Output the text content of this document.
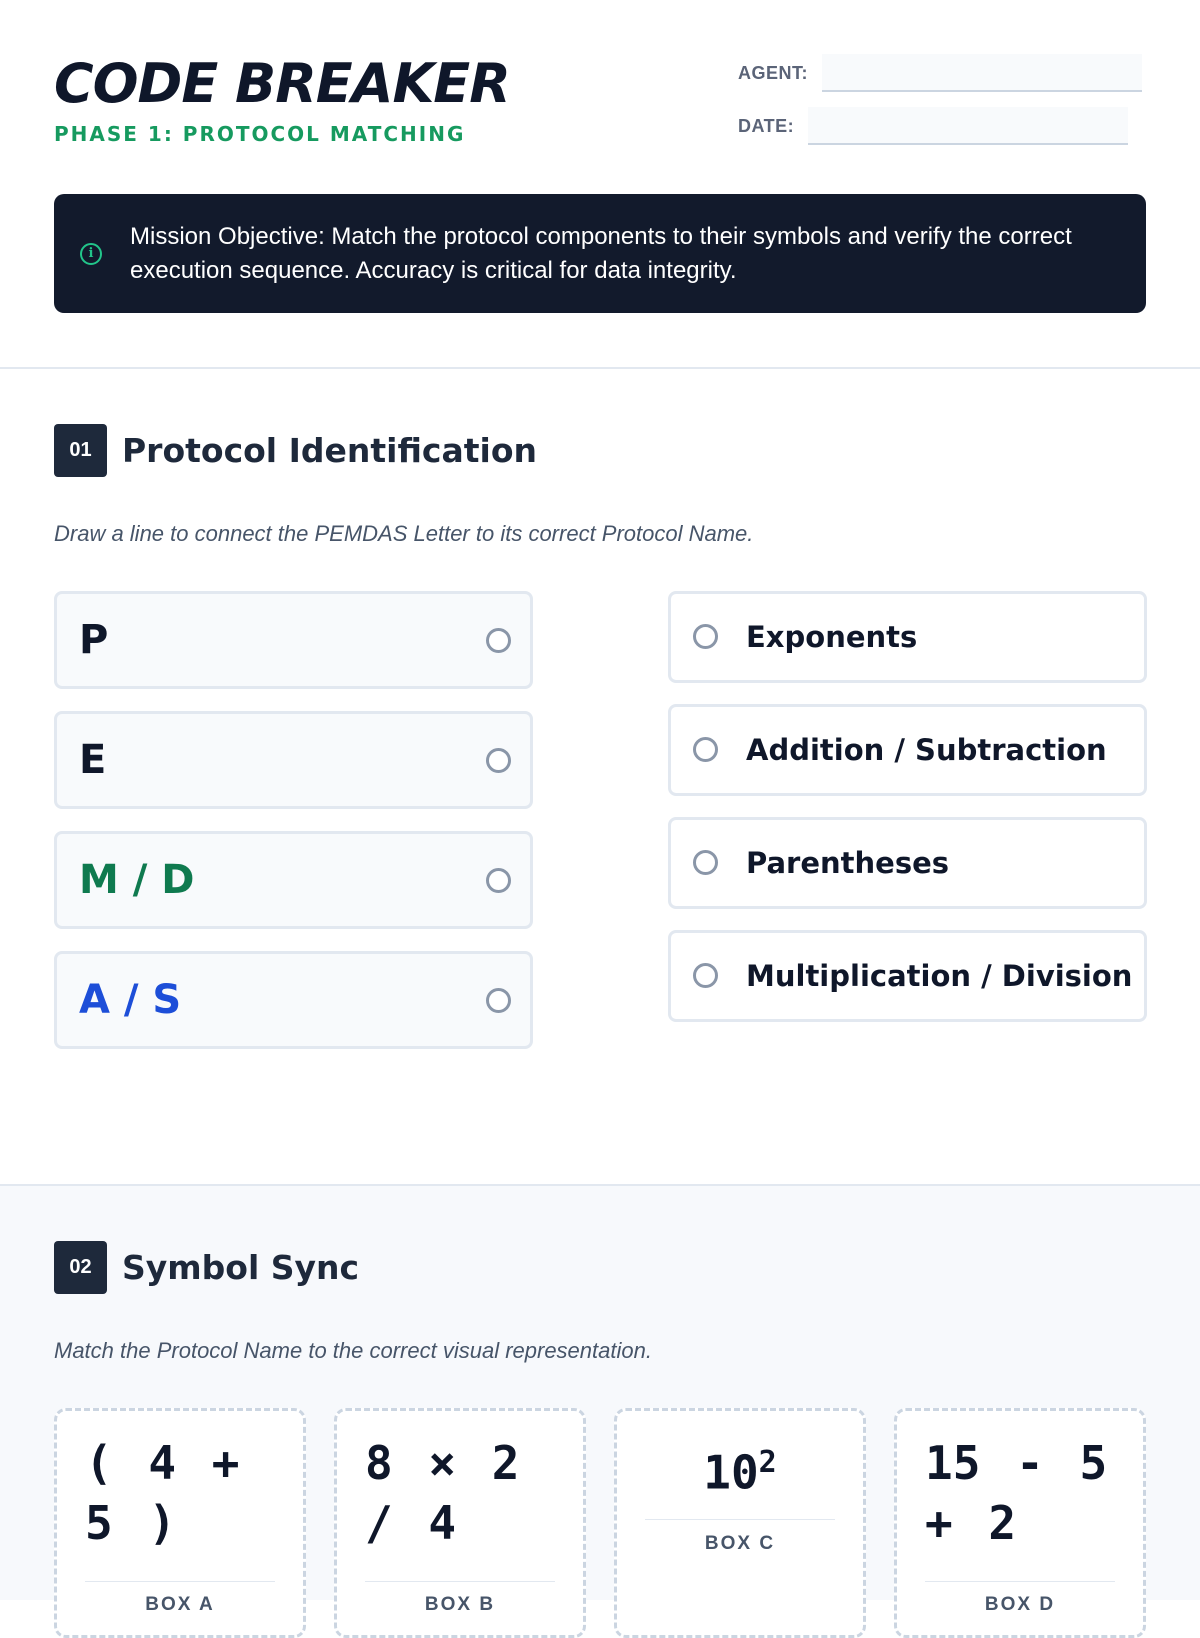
CODE BREAKER
PHASE 1: PROTOCOL MATCHING
AGENT:
DATE:
i
Mission Objective: Match the protocol components to their symbols and verify the correct execution sequence. Accuracy is critical for data integrity.
01 Protocol Identification
Draw a line to connect the PEMDAS Letter to its correct Protocol Name.
P
E
M / D
A / S
Exponents
Addition / Subtraction
Parentheses
Multiplication / Division
02 Symbol Sync
Match the Protocol Name to the correct visual representation.
( 4 + 5 )
BOX A
8 × 2 / 4
BOX B
$10^2$
BOX C
15 - 5 + 2
BOX D
